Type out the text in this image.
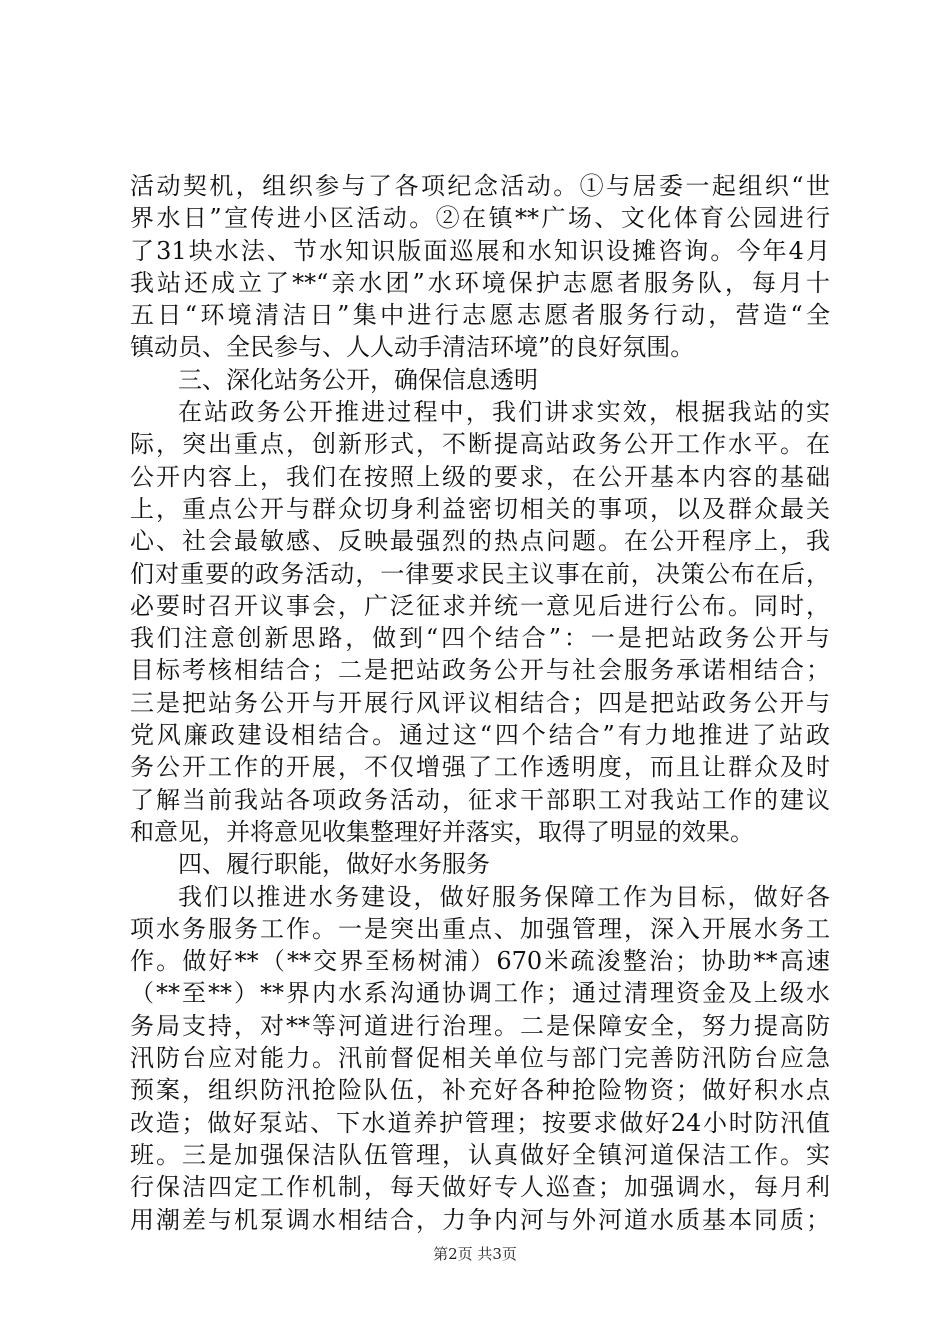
活动契机，组织参与了各项纪念活动。①与居委一起组织“世
界水日”宣传进小区活动。②在镇**广场、文化体育公园进行
了31块水法、节水知识版面巡展和水知识设摊咨询。今年4月
我站还成立了**“亲水团”水环境保护志愿者服务队，每月十
五日“环境清洁日”集中进行志愿志愿者服务行动，营造“全
镇动员、全民参与、人人动手清洁环境”的良好氛围。
三、深化站务公开，确保信息透明
在站政务公开推进过程中，我们讲求实效，根据我站的实
际，突出重点，创新形式，不断提高站政务公开工作水平。在
公开内容上，我们在按照上级的要求，在公开基本内容的基础
上，重点公开与群众切身利益密切相关的事项，以及群众最关
心、社会最敏感、反映最强烈的热点问题。在公开程序上，我
们对重要的政务活动，一律要求民主议事在前，决策公布在后，
必要时召开议事会，广泛征求并统一意见后进行公布。同时，
我们注意创新思路，做到“四个结合”：一是把站政务公开与
目标考核相结合；二是把站政务公开与社会服务承诺相结合；
三是把站务公开与开展行风评议相结合；四是把站政务公开与
党风廉政建设相结合。通过这“四个结合”有力地推进了站政
务公开工作的开展，不仅增强了工作透明度，而且让群众及时
了解当前我站各项政务活动，征求干部职工对我站工作的建议
和意见，并将意见收集整理好并落实，取得了明显的效果。
四、履行职能，做好水务服务
我们以推进水务建设，做好服务保障工作为目标，做好各
项水务服务工作。一是突出重点、加强管理，深入开展水务工
作。做好**（**交界至杨树浦）670米疏浚整治；协助**高速
（**至**）**界内水系沟通协调工作；通过清理资金及上级水
务局支持，对**等河道进行治理。二是保障安全，努力提高防
汛防台应对能力。汛前督促相关单位与部门完善防汛防台应急
预案，组织防汛抢险队伍，补充好各种抢险物资；做好积水点
改造；做好泵站、下水道养护管理；按要求做好24小时防汛值
班。三是加强保洁队伍管理，认真做好全镇河道保洁工作。实
行保洁四定工作机制，每天做好专人巡查；加强调水，每月利
用潮差与机泵调水相结合，力争内河与外河道水质基本同质；
第2页 共3页
